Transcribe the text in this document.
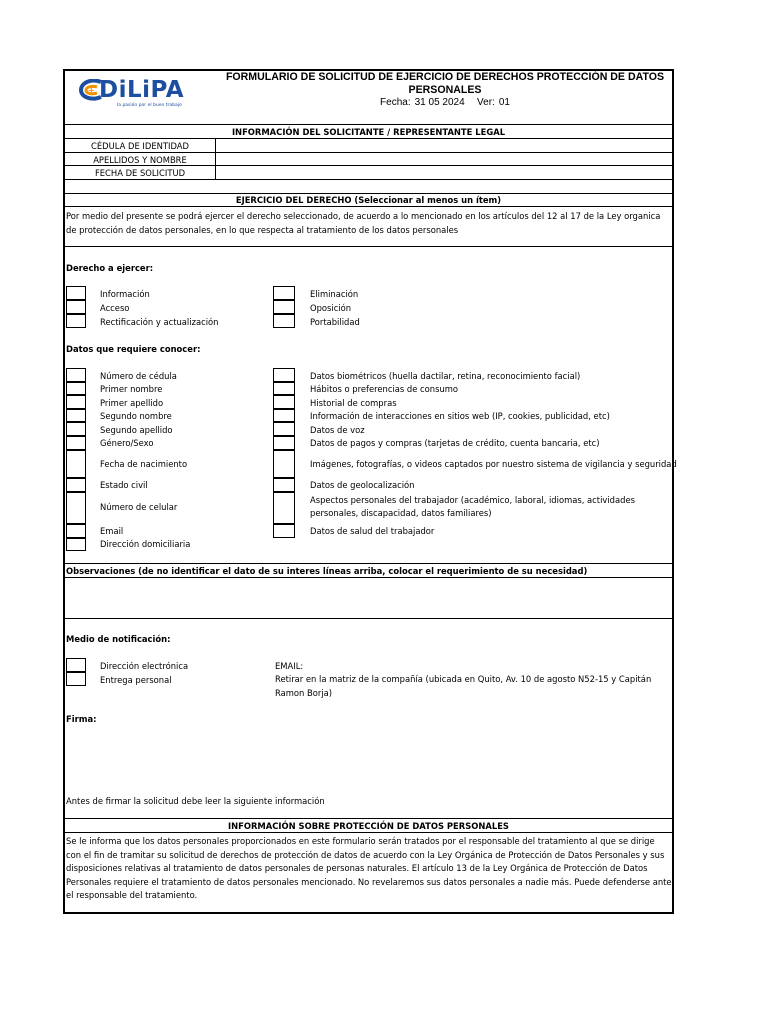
+ DiLiPA
la pasión por el buen trabajo
FORMULARIO DE SOLICITUD DE EJERCICIO DE DERECHOS PROTECCIÓN DE DATOS PERSONALES
Fecha: 31 05 2024 Ver: 01
INFORMACIÓN DEL SOLICITANTE / REPRESENTANTE LEGAL
CÉDULA DE IDENTIDAD
APELLIDOS Y NOMBRE
FECHA DE SOLICITUD
EJERCICIO DEL DERECHO (Seleccionar al menos un ítem)
Por medio del presente se podrá ejercer el derecho seleccionado, de acuerdo a lo mencionado en los artículos del 12 al 17 de la Ley organica de protección de datos personales, en lo que respecta al tratamiento de los datos personales
Derecho a ejercer:
Información
Acceso
Rectificación y actualización
Eliminación
Oposición
Portabilidad
Datos que requiere conocer:
Número de cédula
Primer nombre
Primer apellido
Segundo nombre
Segundo apellido
Género/Sexo
Fecha de nacimiento
Estado civil
Número de celular
Email
Dirección domiciliaria
Datos biométricos (huella dactilar, retina, reconocimiento facial)
Hábitos o preferencias de consumo
Historial de compras
Información de interacciones en sitios web (IP, cookies, publicidad, etc)
Datos de voz
Datos de pagos y compras (tarjetas de crédito, cuenta bancaria, etc)
Imágenes, fotografías, o videos captados por nuestro sistema de vigilancia y seguridad
Datos de geolocalización
Aspectos personales del trabajador (académico, laboral, idiomas, actividades personales, discapacidad, datos familiares)
Datos de salud del trabajador
Observaciones (de no identificar el dato de su interes líneas arriba, colocar el requerimiento de su necesidad)
Medio de notificación:
Dirección electrónica
Entrega personal
EMAIL:
Retirar en la matriz de la compañía (ubicada en Quito, Av. 10 de agosto N52-15 y Capitán Ramon Borja)
Firma:
Antes de firmar la solicitud debe leer la siguiente información
INFORMACIÓN SOBRE PROTECCIÓN DE DATOS PERSONALES
Se le informa que los datos personales proporcionados en este formulario serán tratados por el responsable del tratamiento al que se dirige con el fin de tramitar su solicitud de derechos de protección de datos de acuerdo con la Ley Orgánica de Protección de Datos Personales y sus disposiciones relativas al tratamiento de datos personales de personas naturales. El artículo 13 de la Ley Orgánica de Protección de Datos Personales requiere el tratamiento de datos personales mencionado. No revelaremos sus datos personales a nadie más. Puede defenderse ante el responsable del tratamiento.
